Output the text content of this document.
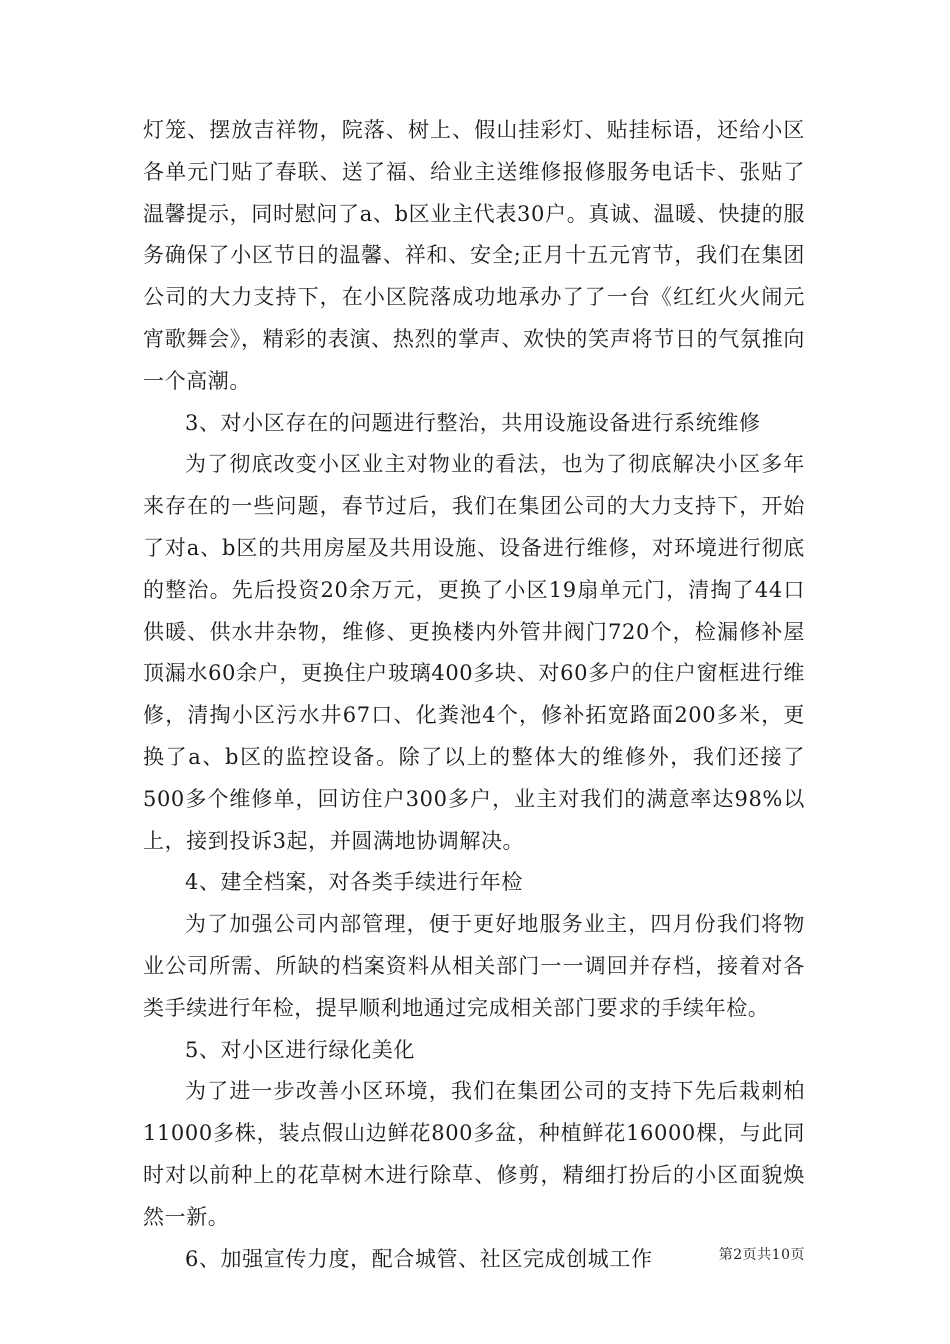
灯笼、摆放吉祥物，院落、树上、假山挂彩灯、贴挂标语，还给小区各单元门贴了春联、送了福、给业主送维修报修服务电话卡、张贴了温馨提示，同时慰问了a、b区业主代表30户。真诚、温暖、快捷的服务确保了小区节日的温馨、祥和、安全;正月十五元宵节，我们在集团公司的大力支持下，在小区院落成功地承办了了一台《红红火火闹元宵歌舞会》，精彩的表演、热烈的掌声、欢快的笑声将节日的气氛推向一个高潮。

3、对小区存在的问题进行整治，共用设施设备进行系统维修

为了彻底改变小区业主对物业的看法，也为了彻底解决小区多年来存在的一些问题，春节过后，我们在集团公司的大力支持下，开始了对a、b区的共用房屋及共用设施、设备进行维修，对环境进行彻底的整治。先后投资20余万元，更换了小区19扇单元门，清掏了44口供暖、供水井杂物，维修、更换楼内外管井阀门720个，检漏修补屋顶漏水60余户，更换住户玻璃400多块、对60多户的住户窗框进行维修，清掏小区污水井67口、化粪池4个，修补拓宽路面200多米，更换了a、b区的监控设备。除了以上的整体大的维修外，我们还接了500多个维修单，回访住户300多户，业主对我们的满意率达98%以上，接到投诉3起，并圆满地协调解决。

4、建全档案，对各类手续进行年检

为了加强公司内部管理，便于更好地服务业主，四月份我们将物业公司所需、所缺的档案资料从相关部门一一调回并存档，接着对各类手续进行年检，提早顺利地通过完成相关部门要求的手续年检。

5、对小区进行绿化美化

为了进一步改善小区环境，我们在集团公司的支持下先后栽刺柏11000多株，装点假山边鲜花800多盆，种植鲜花16000棵，与此同时对以前种上的花草树木进行除草、修剪，精细打扮后的小区面貌焕然一新。

6、加强宣传力度，配合城管、社区完成创城工作	第2页共10页
